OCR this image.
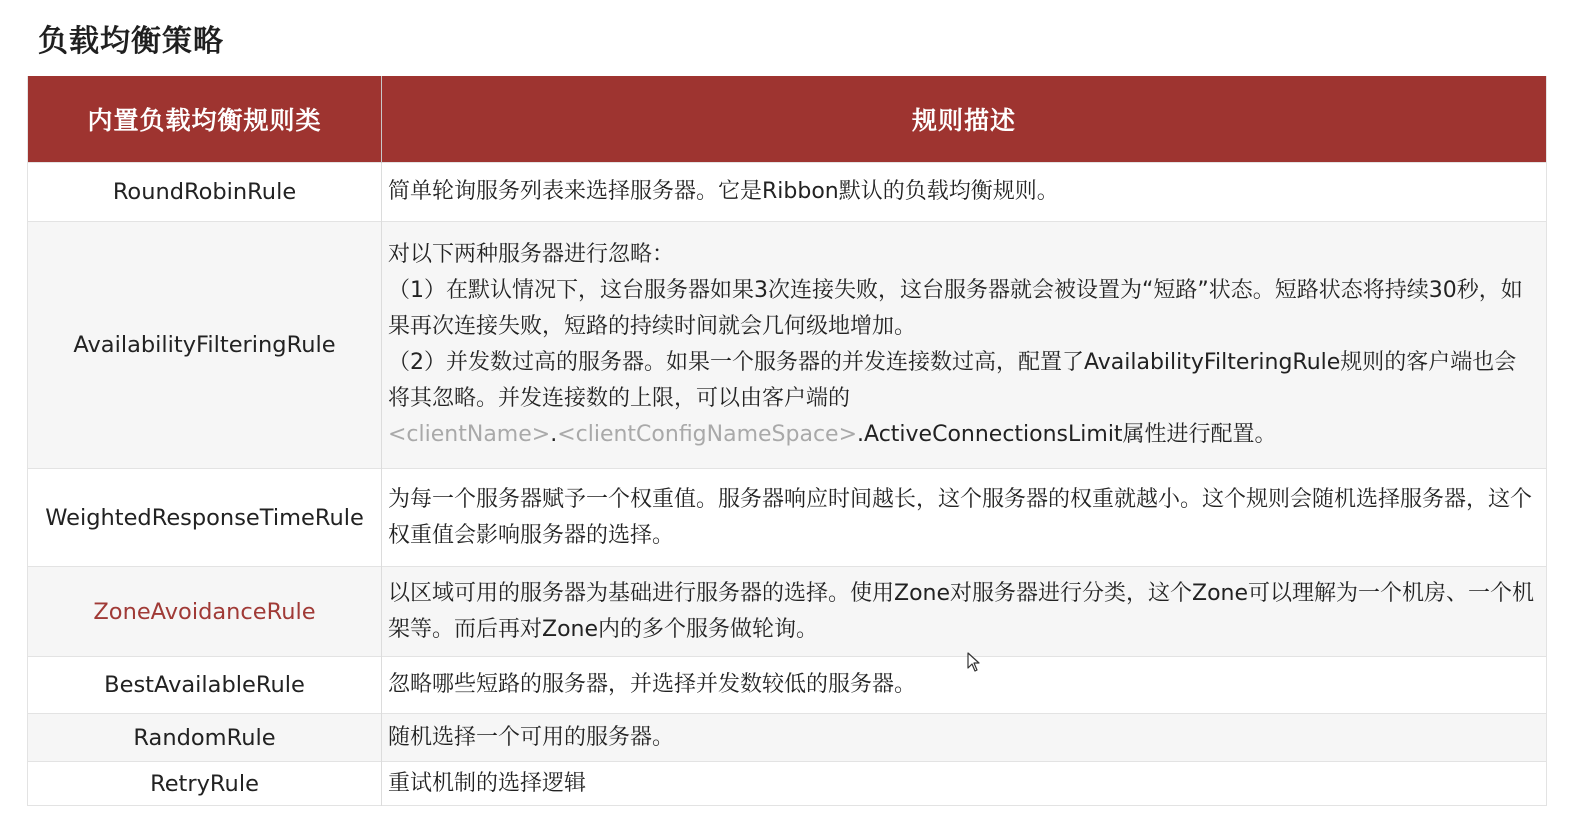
负载均衡策略
内置负载均衡规则类	规则描述
RoundRobinRule	简单轮询服务列表来选择服务器。它是Ribbon默认的负载均衡规则。
AvailabilityFilteringRule	对以下两种服务器进行忽略：
（1）在默认情况下，这台服务器如果3次连接失败，这台服务器就会被设置为“短路”状态。短路状态将持续30秒，如果再次连接失败，短路的持续时间就会几何级地增加。
（2）并发数过高的服务器。如果一个服务器的并发连接数过高，配置了AvailabilityFilteringRule规则的客户端也会将其忽略。并发连接数的上限，可以由客户端的
<clientName>.<clientConfigNameSpace>.ActiveConnectionsLimit属性进行配置。

WeightedResponseTimeRule	为每一个服务器赋予一个权重值。服务器响应时间越长，这个服务器的权重就越小。这个规则会随机选择服务器，这个权重值会影响服务器的选择。
ZoneAvoidanceRule	以区域可用的服务器为基础进行服务器的选择。使用Zone对服务器进行分类，这个Zone可以理解为一个机房、一个机架等。而后再对Zone内的多个服务做轮询。
BestAvailableRule	忽略哪些短路的服务器，并选择并发数较低的服务器。
RandomRule	随机选择一个可用的服务器。
RetryRule	重试机制的选择逻辑
